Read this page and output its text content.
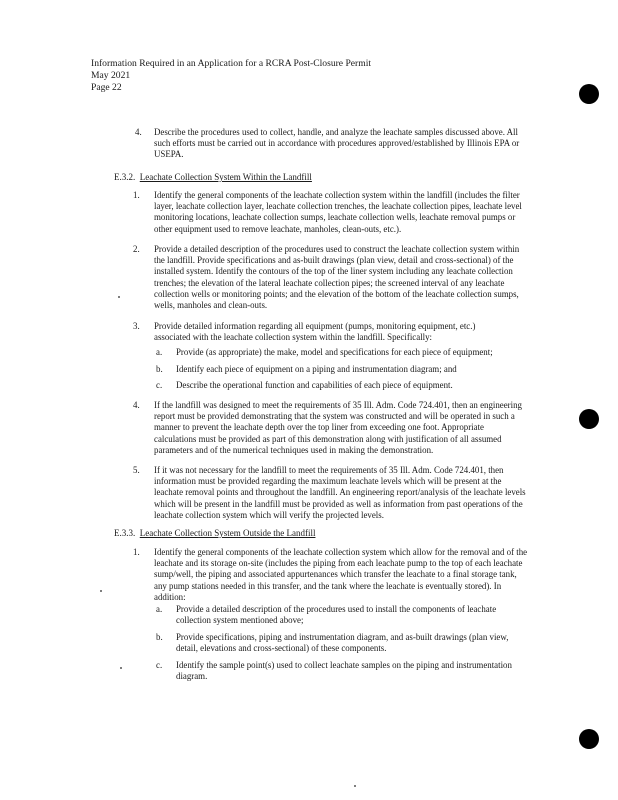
Information Required in an Application for a RCRA Post-Closure Permit
May 2021
Page 22
4. Describe the procedures used to collect, handle, and analyze the leachate samples discussed above. All such efforts must be carried out in accordance with procedures approved/established by Illinois EPA or USEPA.
E.3.2. Leachate Collection System Within the Landfill
1. Identify the general components of the leachate collection system within the landfill (includes the filter layer, leachate collection layer, leachate collection trenches, the leachate collection pipes, leachate level monitoring locations, leachate collection sumps, leachate collection wells, leachate removal pumps or other equipment used to remove leachate, manholes, clean-outs, etc.).
2. Provide a detailed description of the procedures used to construct the leachate collection system within the landfill. Provide specifications and as-built drawings (plan view, detail and cross-sectional) of the installed system. Identify the contours of the top of the liner system including any leachate collection trenches; the elevation of the lateral leachate collection pipes; the screened interval of any leachate collection wells or monitoring points; and the elevation of the bottom of the leachate collection sumps, wells, manholes and clean-outs.
3. Provide detailed information regarding all equipment (pumps, monitoring equipment, etc.) associated with the leachate collection system within the landfill. Specifically:
a. Provide (as appropriate) the make, model and specifications for each piece of equipment;
b. Identify each piece of equipment on a piping and instrumentation diagram; and
c. Describe the operational function and capabilities of each piece of equipment.
4. If the landfill was designed to meet the requirements of 35 Ill. Adm. Code 724.401, then an engineering report must be provided demonstrating that the system was constructed and will be operated in such a manner to prevent the leachate depth over the top liner from exceeding one foot. Appropriate calculations must be provided as part of this demonstration along with justification of all assumed parameters and of the numerical techniques used in making the demonstration.
5. If it was not necessary for the landfill to meet the requirements of 35 Ill. Adm. Code 724.401, then information must be provided regarding the maximum leachate levels which will be present at the leachate removal points and throughout the landfill. An engineering report/analysis of the leachate levels which will be present in the landfill must be provided as well as information from past operations of the leachate collection system which will verify the projected levels.
E.3.3. Leachate Collection System Outside the Landfill
1. Identify the general components of the leachate collection system which allow for the removal and of the leachate and its storage on-site (includes the piping from each leachate pump to the top of each leachate sump/well, the piping and associated appurtenances which transfer the leachate to a final storage tank, any pump stations needed in this transfer, and the tank where the leachate is eventually stored). In addition:
a. Provide a detailed description of the procedures used to install the components of leachate collection system mentioned above;
b. Provide specifications, piping and instrumentation diagram, and as-built drawings (plan view, detail, elevations and cross-sectional) of these components.
c. Identify the sample point(s) used to collect leachate samples on the piping and instrumentation diagram.
